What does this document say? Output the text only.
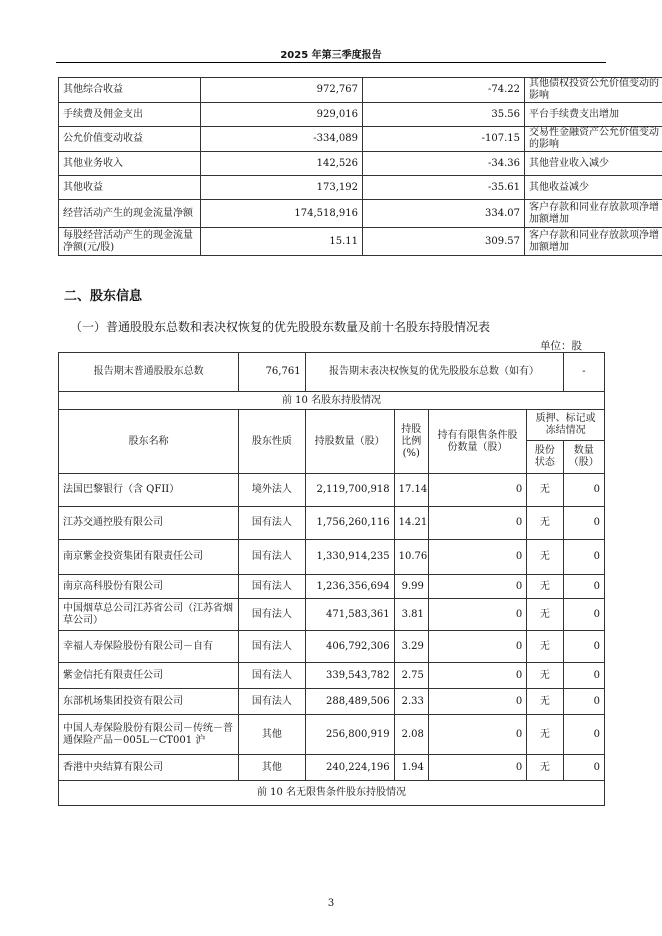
2025 年第三季度报告
其他综合收益	972,767	-74.22	其他债权投资公允价值变动的影响
手续费及佣金支出	929,016	35.56	平台手续费支出增加
公允价值变动收益	-334,089	-107.15	交易性金融资产公允价值变动的影响
其他业务收入	142,526	-34.36	其他营业收入减少
其他收益	173,192	-35.61	其他收益减少
经营活动产生的现金流量净额	174,518,916	334.07	客户存款和同业存放款项净增加额增加
每股经营活动产生的现金流量净额(元/股)	15.11	309.57	客户存款和同业存放款项净增加额增加
二、股东信息
（一）普通股股东总数和表决权恢复的优先股股东数量及前十名股东持股情况表
单位：股
报告期末普通股股东总数	76,761	报告期末表决权恢复的优先股股东总数（如有）				-
前 10 名股东持股情况						
股东名称	股东性质	持股数量（股）	持股比例(%)	持有有限售条件股份数量（股）	质押、标记或冻结情况	
					股份状态	数量（股）
法国巴黎银行（含 QFII）	境外法人	2,119,700,918	17.14	0	无	0
江苏交通控股有限公司	国有法人	1,756,260,116	14.21	0	无	0
南京紫金投资集团有限责任公司	国有法人	1,330,914,235	10.76	0	无	0
南京高科股份有限公司	国有法人	1,236,356,694	9.99	0	无	0
中国烟草总公司江苏省公司（江苏省烟草公司）	国有法人	471,583,361	3.81	0	无	0
幸福人寿保险股份有限公司－自有	国有法人	406,792,306	3.29	0	无	0
紫金信托有限责任公司	国有法人	339,543,782	2.75	0	无	0
东部机场集团投资有限公司	国有法人	288,489,506	2.33	0	无	0
中国人寿保险股份有限公司－传统－普通保险产品－005L－CT001 沪	其他	256,800,919	2.08	0	无	0
香港中央结算有限公司	其他	240,224,196	1.94	0	无	0
前 10 名无限售条件股东持股情况						
3
